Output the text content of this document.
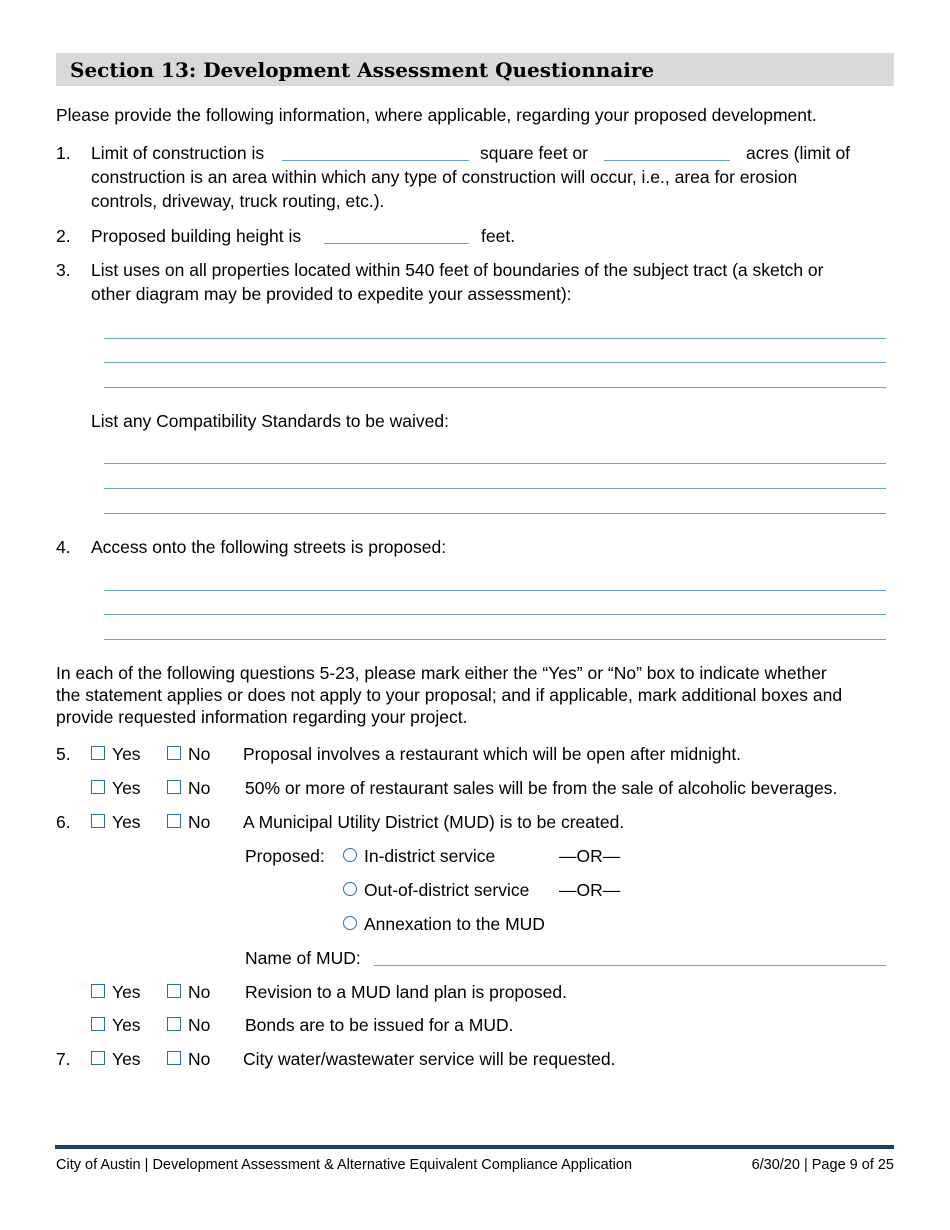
Section 13: Development Assessment Questionnaire
Please provide the following information, where applicable, regarding your proposed development.
1. Limit of construction is	square feet or	acres (limit of
construction is an area within which any type of construction will occur, i.e., area for erosion
controls, driveway, truck routing, etc.).
2. Proposed building height is	feet.
3. List uses on all properties located within 540 feet of boundaries of the subject tract (a sketch or
other diagram may be provided to expedite your assessment):
List any Compatibility Standards to be waived:
4. Access onto the following streets is proposed:
In each of the following questions 5-23, please mark either the “Yes” or “No” box to indicate whether
the statement applies or does not apply to your proposal; and if applicable, mark additional boxes and
provide requested information regarding your project.
5. Yes	No Proposal involves a restaurant which will be open after midnight.
Yes	No 50% or more of restaurant sales will be from the sale of alcoholic beverages.
6. Yes	No A Municipal Utility District (MUD) is to be created.
Proposed: In-district service	—OR—
Out-of-district service —OR—
Annexation to the MUD
Name of MUD:
Yes	No Revision to a MUD land plan is proposed.
Yes	No Bonds are to be issued for a MUD.
7. Yes	No City water/wastewater service will be requested.
City of Austin | Development Assessment & Alternative Equivalent Compliance Application	6/30/20 | Page 9 of 25
